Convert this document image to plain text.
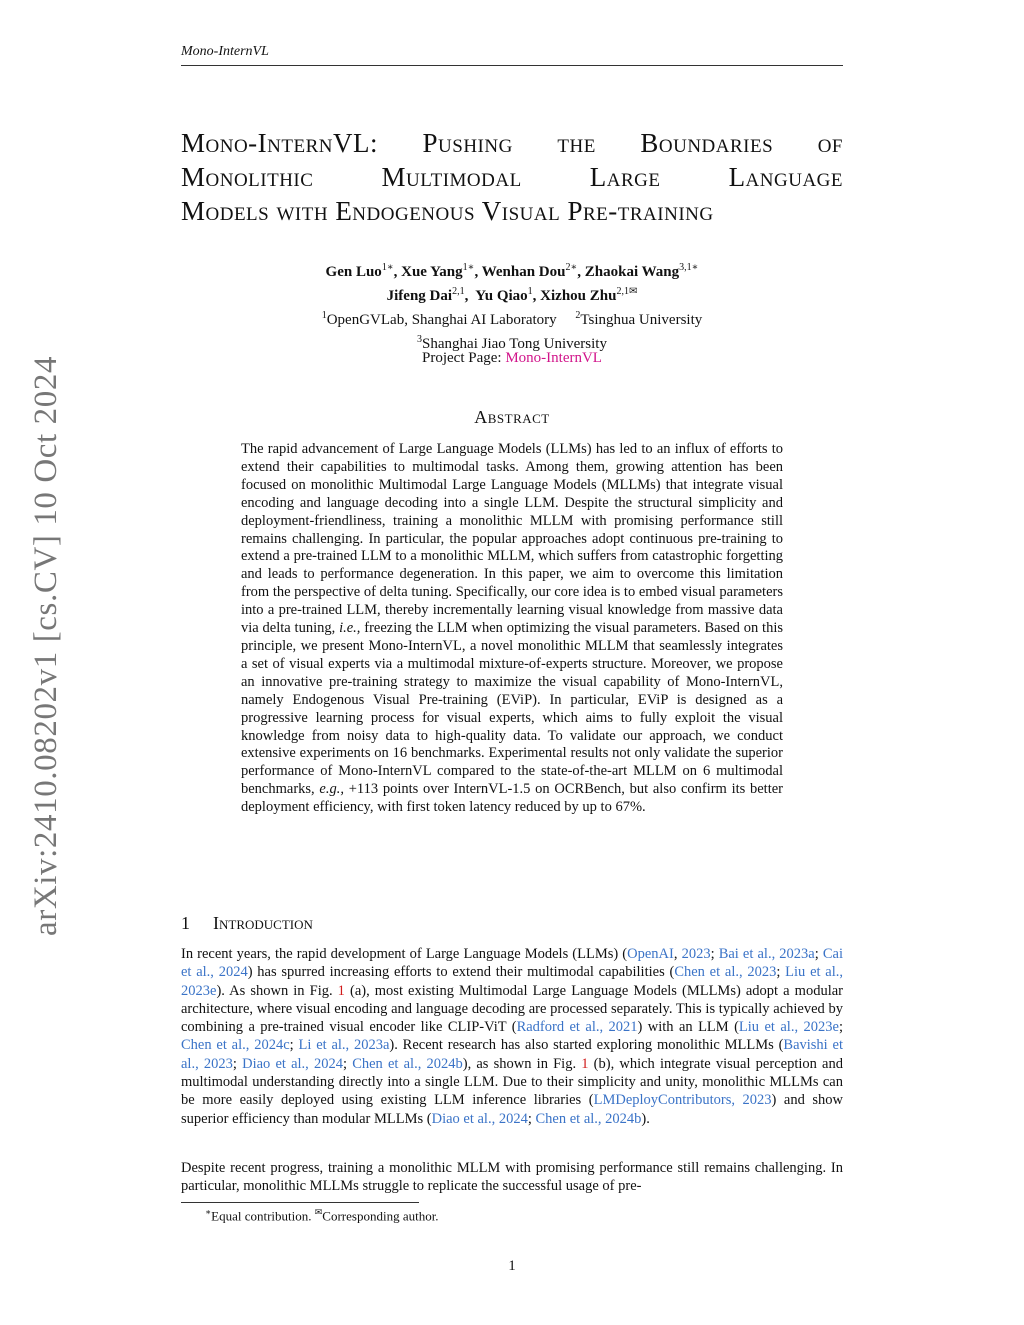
Mono-InternVL
arXiv:2410.08202v1 [cs.CV] 10 Oct 2024
Mono-InternVL: Pushing the Boundaries of
Monolithic Multimodal Large Language
Models with Endogenous Visual Pre-training
Gen Luo$^{1∗}$, Xue Yang$^{1∗}$, Wenhan Dou$^{2∗}$, Zhaokai Wang$^{3,1∗}$
Jifeng Dai$^{2,1}$,  Yu Qiao$^1$, Xizhou Zhu$^{2,1✉}$
$^1$OpenGVLab, Shanghai AI Laboratory $^2$Tsinghua University
$^3$Shanghai Jiao Tong University
Project Page: Mono-InternVL
Abstract
The rapid advancement of Large Language Models (LLMs) has led to an influx of efforts to extend their capabilities to multimodal tasks. Among them, growing attention has been focused on monolithic Multimodal Large Language Models (MLLMs) that integrate visual encoding and language decoding into a single LLM. Despite the structural simplicity and deployment-friendliness, training a monolithic MLLM with promising performance still remains challenging. In particular, the popular approaches adopt continuous pre-training to extend a pre-trained LLM to a monolithic MLLM, which suffers from catastrophic forgetting and leads to performance degeneration. In this paper, we aim to overcome this limitation from the perspective of delta tuning. Specifically, our core idea is to embed visual parameters into a pre-trained LLM, thereby incrementally learning visual knowledge from massive data via delta tuning, i.e., freezing the LLM when optimizing the visual parameters. Based on this principle, we present Mono-InternVL, a novel monolithic MLLM that seamlessly integrates a set of visual experts via a multimodal mixture-of-experts structure. Moreover, we propose an innovative pre-training strategy to maximize the visual capability of Mono-InternVL, namely Endogenous Visual Pre-training (EViP). In particular, EViP is designed as a progressive learning process for visual experts, which aims to fully exploit the visual knowledge from noisy data to high-quality data. To validate our approach, we conduct extensive experiments on 16 benchmarks. Experimental results not only validate the superior performance of Mono-InternVL compared to the state-of-the-art MLLM on 6 multimodal benchmarks, e.g., +113 points over InternVL-1.5 on OCRBench, but also confirm its better deployment efficiency, with first token latency reduced by up to 67%.
1 Introduction
In recent years, the rapid development of Large Language Models (LLMs) (OpenAI, 2023; Bai et al., 2023a; Cai et al., 2024) has spurred increasing efforts to extend their multimodal capabilities (Chen et al., 2023; Liu et al., 2023e). As shown in Fig. 1 (a), most existing Multimodal Large Language Models (MLLMs) adopt a modular architecture, where visual encoding and language decoding are processed separately. This is typically achieved by combining a pre-trained visual encoder like CLIP-ViT (Radford et al., 2021) with an LLM (Liu et al., 2023e; Chen et al., 2024c; Li et al., 2023a). Recent research has also started exploring monolithic MLLMs (Bavishi et al., 2023; Diao et al., 2024; Chen et al., 2024b), as shown in Fig. 1 (b), which integrate visual perception and multimodal understanding directly into a single LLM. Due to their simplicity and unity, monolithic MLLMs can be more easily deployed using existing LLM inference libraries (LMDeployContributors, 2023) and show superior efficiency than modular MLLMs (Diao et al., 2024; Chen et al., 2024b).
Despite recent progress, training a monolithic MLLM with promising performance still remains challenging. In particular, monolithic MLLMs struggle to replicate the successful usage of pre-
∗Equal contribution. ✉Corresponding author.
1
